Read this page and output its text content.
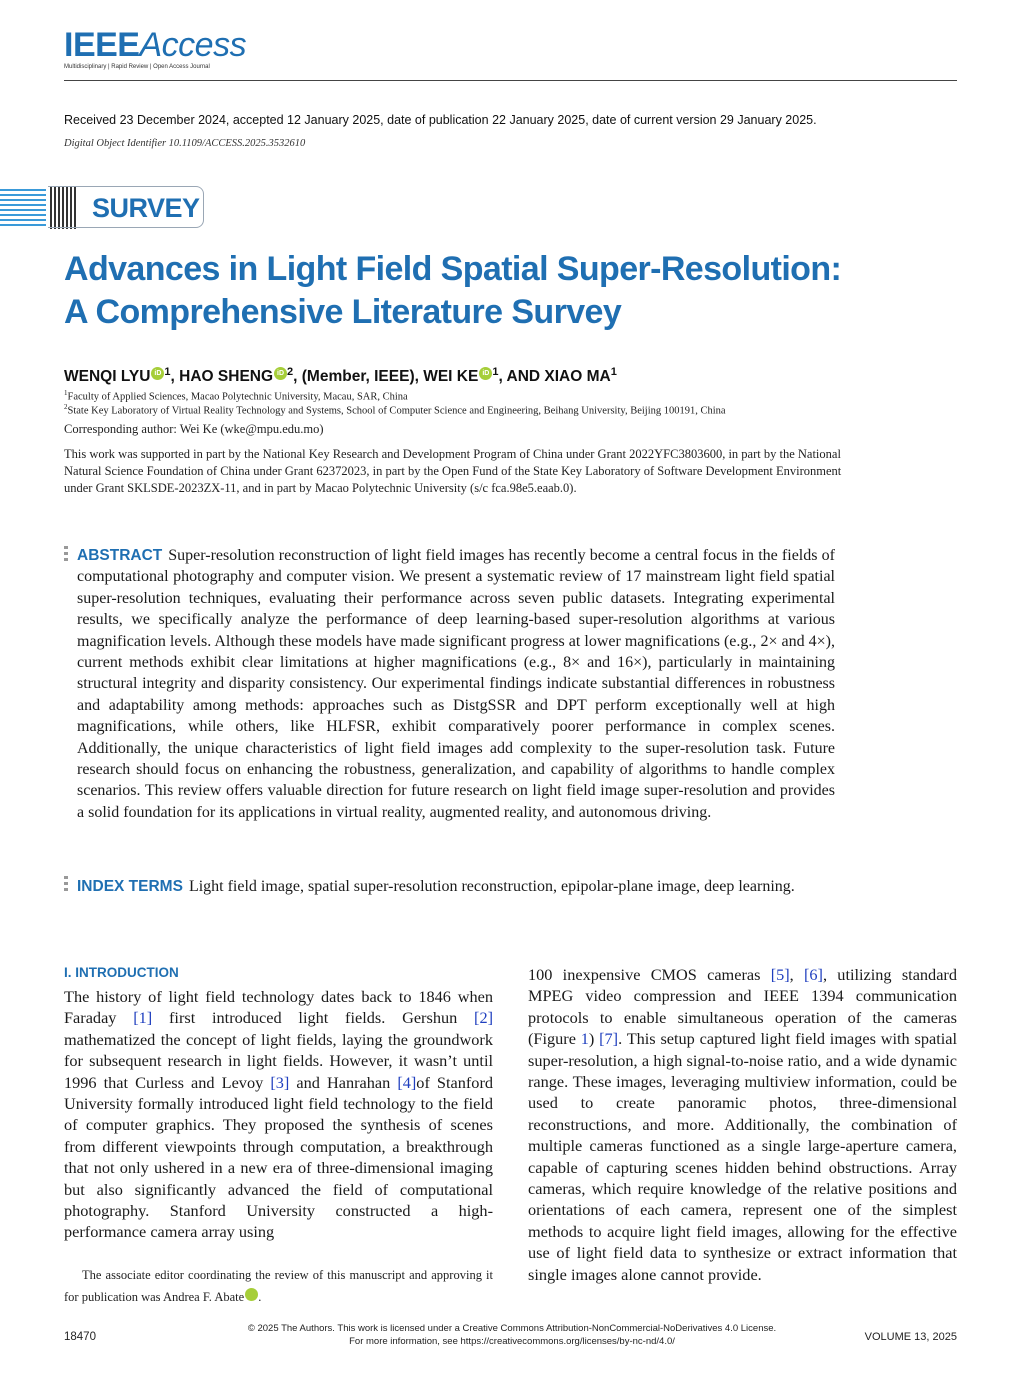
IEEEAccess
Multidisciplinary | Rapid Review | Open Access Journal
Received 23 December 2024, accepted 12 January 2025, date of publication 22 January 2025, date of current version 29 January 2025.
Digital Object Identifier 10.1109/ACCESS.2025.3532610
SURVEY
Advances in Light Field Spatial Super-Resolution:
A Comprehensive Literature Survey
WENQI LYU iD $^1$, HAO SHENG iD $^2$, (Member, IEEE), WEI KE iD $^1$, AND XIAO $MA^1$
$^1$Faculty of Applied Sciences, Macao Polytechnic University, Macau, SAR, China
$^2$State Key Laboratory of Virtual Reality Technology and Systems, School of Computer Science and Engineering, Beihang University, Beijing 100191, China
Corresponding author: Wei Ke (wke@mpu.edu.mo)
This work was supported in part by the National Key Research and Development Program of China under Grant 2022YFC3803600, in part by the National Natural Science Foundation of China under Grant 62372023, in part by the Open Fund of the State Key Laboratory of Software Development Environment under Grant SKLSDE-2023ZX-11, and in part by Macao Polytechnic University (s/c fca.98e5.eaab.0).
ABSTRACT Super-resolution reconstruction of light field images has recently become a central focus in the fields of computational photography and computer vision. We present a systematic review of 17 mainstream light field spatial super-resolution techniques, evaluating their performance across seven public datasets. Integrating experimental results, we specifically analyze the performance of deep learning-based super-resolution algorithms at various magnification levels. Although these models have made significant progress at lower magnifications (e.g., 2× and 4×), current methods exhibit clear limitations at higher magnifications (e.g., 8× and 16×), particularly in maintaining structural integrity and disparity consistency. Our experimental findings indicate substantial differences in robustness and adaptability among methods: approaches such as DistgSSR and DPT perform exceptionally well at high magnifications, while others, like HLFSR, exhibit comparatively poorer performance in complex scenes. Additionally, the unique characteristics of light field images add complexity to the super-resolution task. Future research should focus on enhancing the robustness, generalization, and capability of algorithms to handle complex scenarios. This review offers valuable direction for future research on light field image super-resolution and provides a solid foundation for its applications in virtual reality, augmented reality, and autonomous driving.
INDEX TERMS Light field image, spatial super-resolution reconstruction, epipolar-plane image, deep learning.
I. INTRODUCTION
The history of light field technology dates back to 1846 when Faraday [1] first introduced light fields. Gershun [2] mathematized the concept of light fields, laying the groundwork for subsequent research in light fields. However, it wasn’t until 1996 that Curless and Levoy [3] and Hanrahan [4]of Stanford University formally introduced light field technology to the field of computer graphics. They proposed the synthesis of scenes from different viewpoints through computation, a breakthrough that not only ushered in a new era of three-dimensional imaging but also significantly advanced the field of computational photography. Stanford University constructed a high-performance camera array using
100 inexpensive CMOS cameras [5], [6], utilizing standard MPEG video compression and IEEE 1394 communication protocols to enable simultaneous operation of the cameras (Figure 1) [7]. This setup captured light field images with spatial super-resolution, a high signal-to-noise ratio, and a wide dynamic range. These images, leveraging multiview information, could be used to create panoramic photos, three-dimensional reconstructions, and more. Additionally, the combination of multiple cameras functioned as a single large-aperture camera, capable of capturing scenes hidden behind obstructions. Array cameras, which require knowledge of the relative positions and orientations of each camera, represent one of the simplest methods to acquire light field images, allowing for the effective use of light field data to synthesize or extract information that single images alone cannot provide.
The associate editor coordinating the review of this manuscript and approving it for publication was Andrea F. Abate	iD.
© 2025 The Authors. This work is licensed under a Creative Commons Attribution-NonCommercial-NoDerivatives 4.0 License.
For more information, see https://creativecommons.org/licenses/by-nc-nd/4.0/
18470	VOLUME 13, 2025
